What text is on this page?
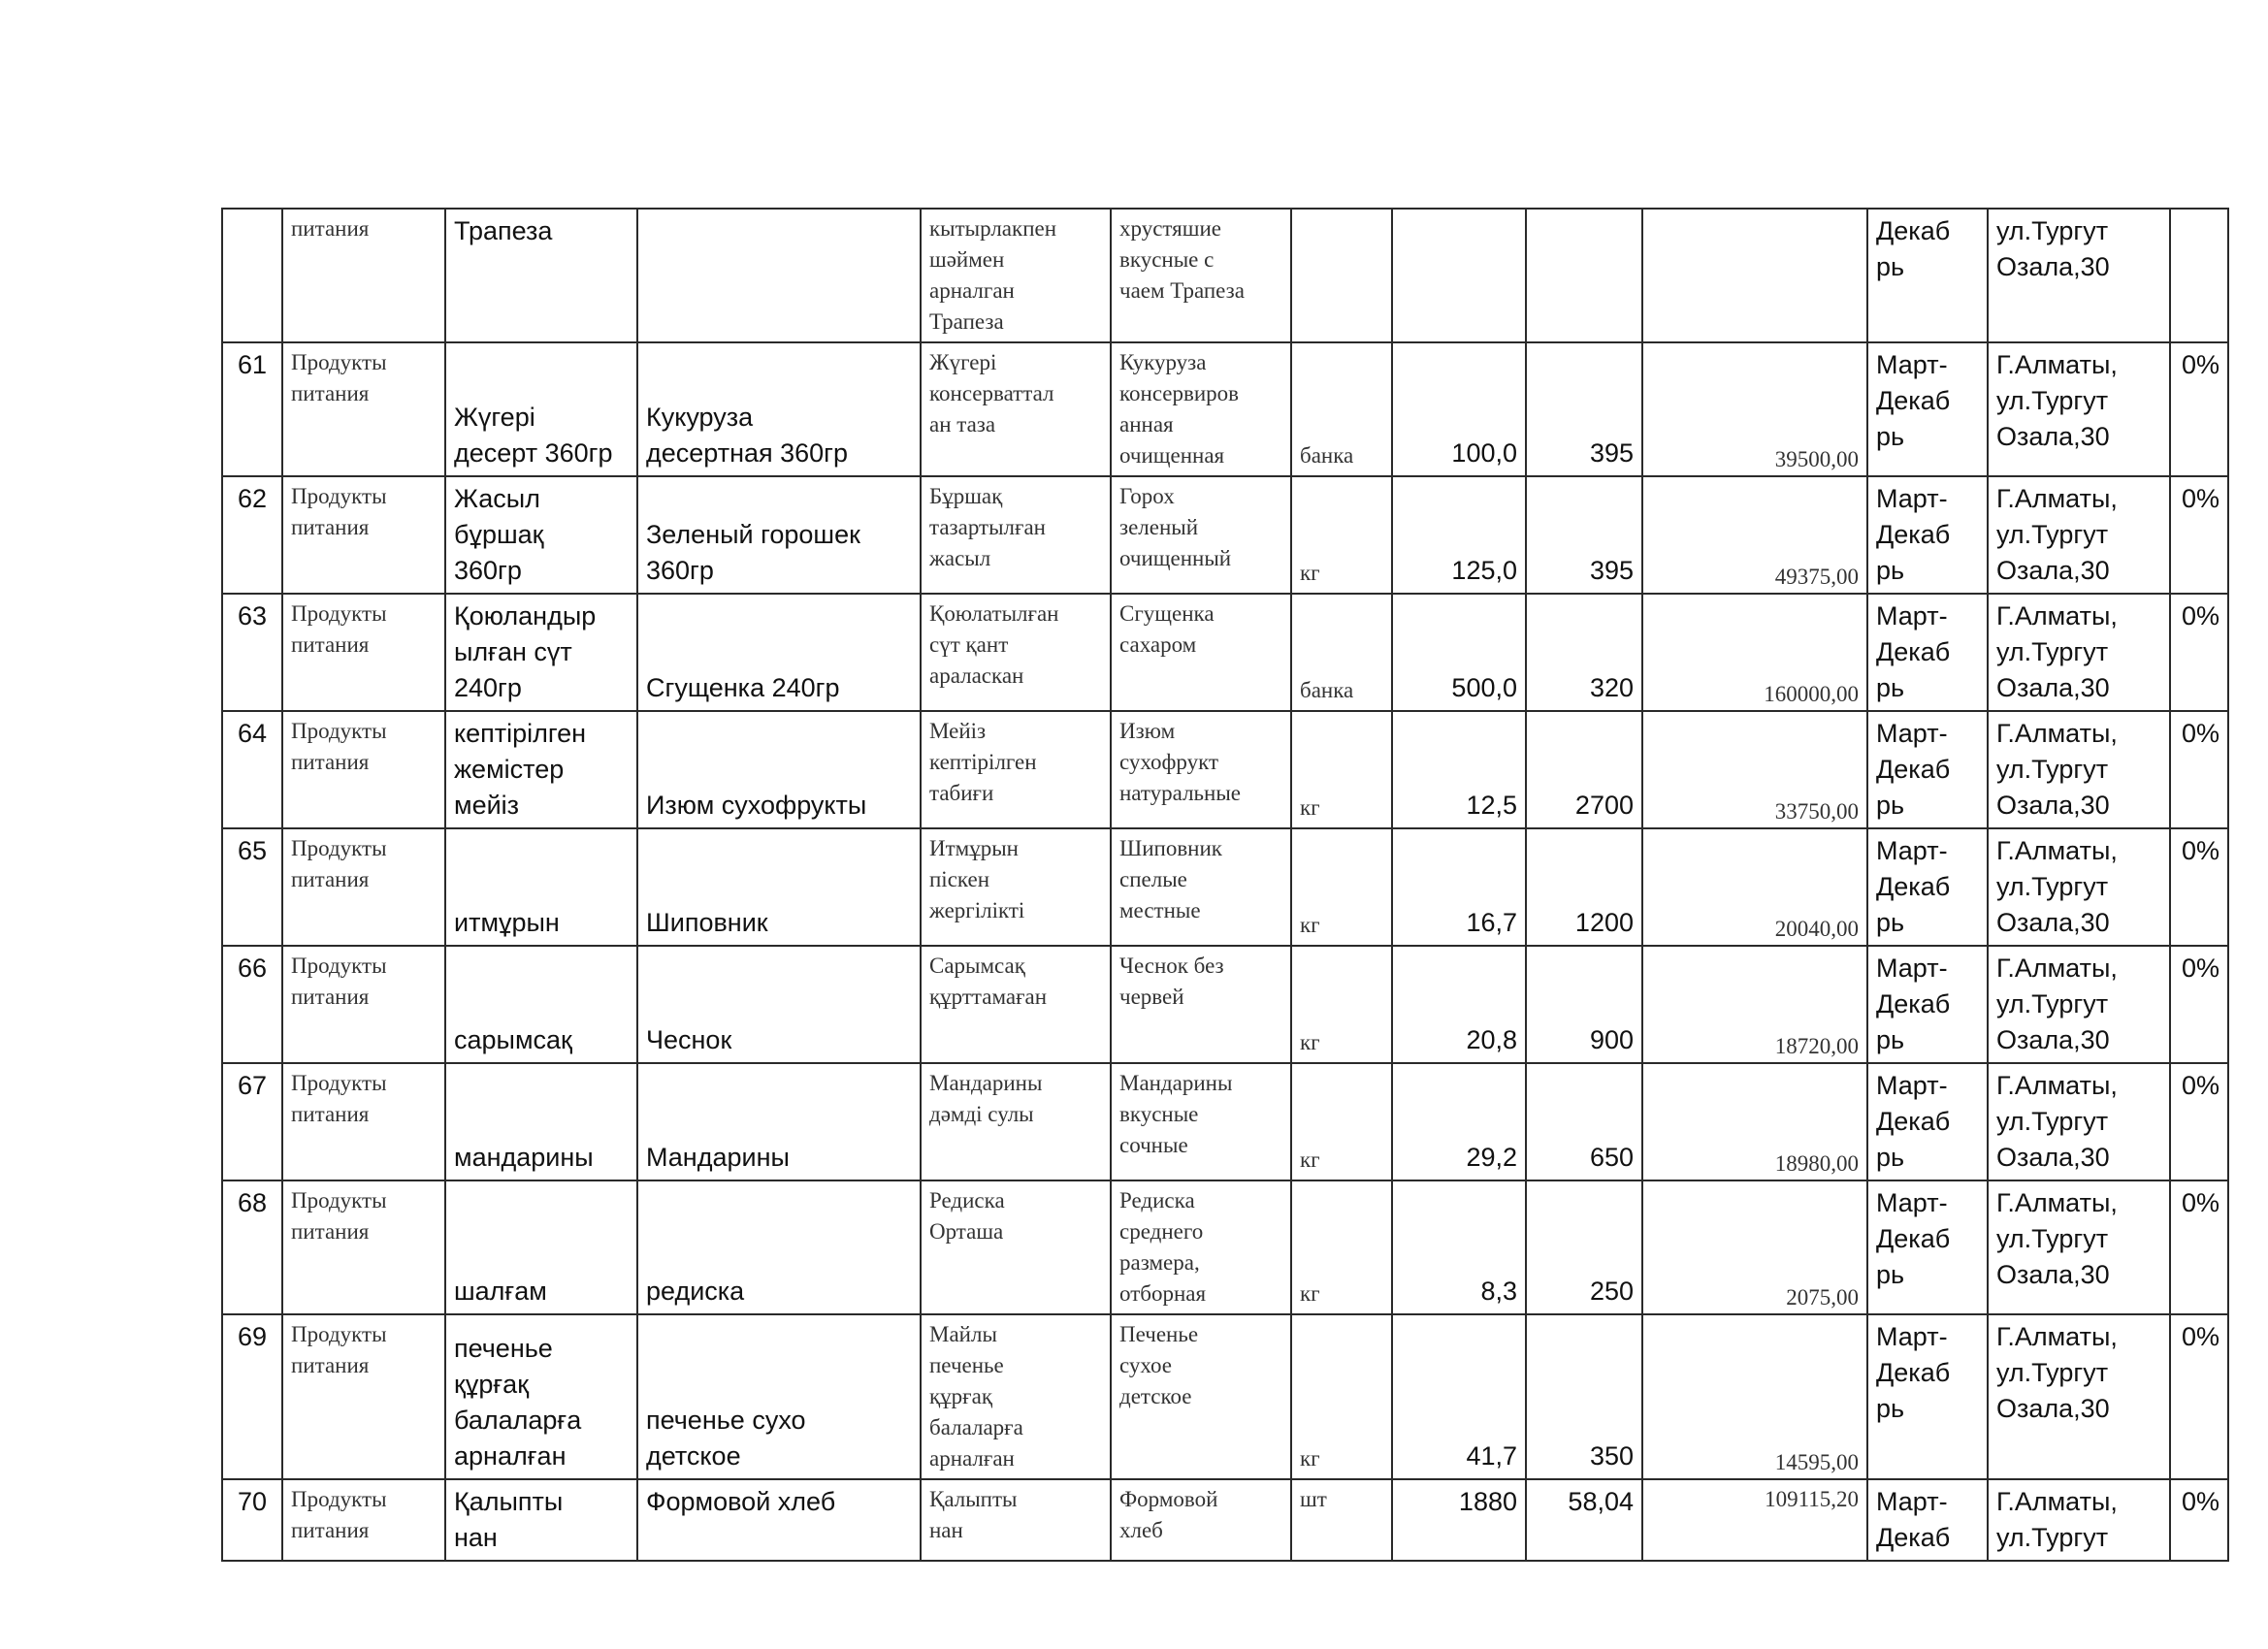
	питания	Трапеза		кытырлакпен
шәймен
арналган
Трапеза	хрустяшие
вкусные с
чаем Трапеза					Декаб
рь	ул.Тургут
Озала,30	
61	Продукты
питания	Жүгері
десерт 360гр	Кукуруза
десертная 360гр	Жүгері
консерваттал
ан таза	Кукуруза
консервиров
анная
очищенная	банка	100,0	395	39500,00	Март-
Декаб
рь	Г.Алматы,
ул.Тургут
Озала,30	0%
62	Продукты
питания	Жасыл
бұршақ
360гр	Зеленый горошек
360гр	Бұршақ
тазартылған
жасыл	Горох
зеленый
очищенный	кг	125,0	395	49375,00	Март-
Декаб
рь	Г.Алматы,
ул.Тургут
Озала,30	0%
63	Продукты
питания	Қоюландыр
ылған сүт
240гр	Сгущенка 240гр	Қоюлатылған
сүт қант
араласкан	Сгущенка
сахаром	банка	500,0	320	160000,00	Март-
Декаб
рь	Г.Алматы,
ул.Тургут
Озала,30	0%
64	Продукты
питания	кептірілген
жемістер
мейіз	Изюм сухофрукты	Мейіз
кептірілген
табиғи	Изюм
сухофрукт
натуральные	кг	12,5	2700	33750,00	Март-
Декаб
рь	Г.Алматы,
ул.Тургут
Озала,30	0%
65	Продукты
питания	итмұрын	Шиповник	Итмұрын
піскен
жергілікті	Шиповник
спелые
местные	кг	16,7	1200	20040,00	Март-
Декаб
рь	Г.Алматы,
ул.Тургут
Озала,30	0%
66	Продукты
питания	сарымсақ	Чеснок	Сарымсақ
құрттамаған	Чеснок без
червей	кг	20,8	900	18720,00	Март-
Декаб
рь	Г.Алматы,
ул.Тургут
Озала,30	0%
67	Продукты
питания	мандарины	Мандарины	Мандарины
дәмді сулы	Мандарины
вкусные
сочные	кг	29,2	650	18980,00	Март-
Декаб
рь	Г.Алматы,
ул.Тургут
Озала,30	0%
68	Продукты
питания	шалғам	редиска	Редиска
Орташа	Редиска
среднего
размера,
отборная	кг	8,3	250	2075,00	Март-
Декаб
рь	Г.Алматы,
ул.Тургут
Озала,30	0%
69	Продукты
питания	печенье
құрғақ
балаларға
арналған	печенье сухо
детское	Майлы
печенье
құрғақ
балаларға
арналған	Печенье
сухое
детское	кг	41,7	350	14595,00	Март-
Декаб
рь	Г.Алматы,
ул.Тургут
Озала,30	0%
70	Продукты
питания	Қалыпты
нан	Формовой хлеб	Қалыпты
нан	Формовой
хлеб	шт	1880	58,04	109115,20	Март-
Декаб	Г.Алматы,
ул.Тургут	0%
